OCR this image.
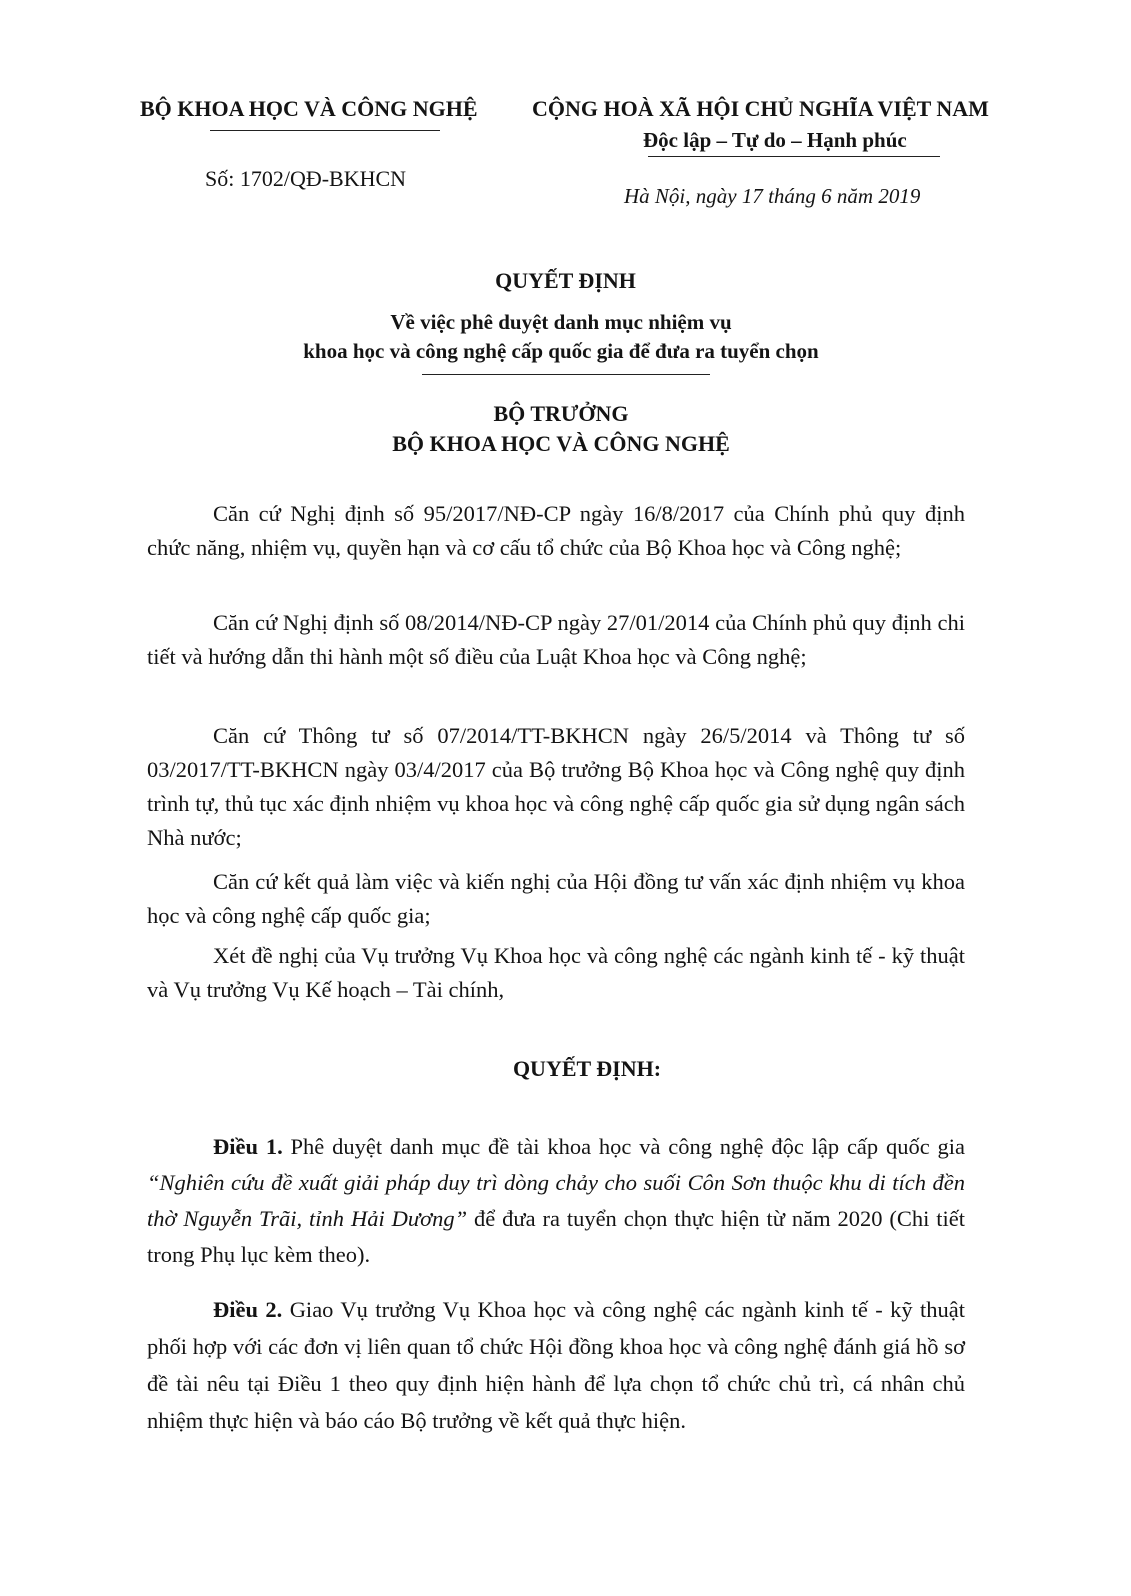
BỘ KHOA HỌC VÀ CÔNG NGHỆ CỘNG HOÀ XÃ HỘI CHỦ NGHĨA VIỆT NAM
Độc lập – Tự do – Hạnh phúc
Số: 1702/QĐ-BKHCN
Hà Nội, ngày 17 tháng 6 năm 2019
QUYẾT ĐỊNH
Về việc phê duyệt danh mục nhiệm vụ
khoa học và công nghệ cấp quốc gia để đưa ra tuyển chọn
BỘ TRƯỞNG
BỘ KHOA HỌC VÀ CÔNG NGHỆ
Căn cứ Nghị định số 95/2017/NĐ-CP ngày 16/8/2017 của Chính phủ quy định chức năng, nhiệm vụ, quyền hạn và cơ cấu tổ chức của Bộ Khoa học và Công nghệ;
Căn cứ Nghị định số 08/2014/NĐ-CP ngày 27/01/2014 của Chính phủ quy định chi tiết và hướng dẫn thi hành một số điều của Luật Khoa học và Công nghệ;
Căn cứ Thông tư số 07/2014/TT-BKHCN ngày 26/5/2014 và Thông tư số 03/2017/TT-BKHCN ngày 03/4/2017 của Bộ trưởng Bộ Khoa học và Công nghệ quy định trình tự, thủ tục xác định nhiệm vụ khoa học và công nghệ cấp quốc gia sử dụng ngân sách Nhà nước;
Căn cứ kết quả làm việc và kiến nghị của Hội đồng tư vấn xác định nhiệm vụ khoa học và công nghệ cấp quốc gia;
Xét đề nghị của Vụ trưởng Vụ Khoa học và công nghệ các ngành kinh tế - kỹ thuật và Vụ trưởng Vụ Kế hoạch – Tài chính,
QUYẾT ĐỊNH:
Điều 1. Phê duyệt danh mục đề tài khoa học và công nghệ độc lập cấp quốc gia “Nghiên cứu đề xuất giải pháp duy trì dòng chảy cho suối Côn Sơn thuộc khu di tích đền thờ Nguyễn Trãi, tỉnh Hải Dương” để đưa ra tuyển chọn thực hiện từ năm 2020 (Chi tiết trong Phụ lục kèm theo).
Điều 2. Giao Vụ trưởng Vụ Khoa học và công nghệ các ngành kinh tế - kỹ thuật phối hợp với các đơn vị liên quan tổ chức Hội đồng khoa học và công nghệ đánh giá hồ sơ đề tài nêu tại Điều 1 theo quy định hiện hành để lựa chọn tổ chức chủ trì, cá nhân chủ nhiệm thực hiện và báo cáo Bộ trưởng về kết quả thực hiện.
